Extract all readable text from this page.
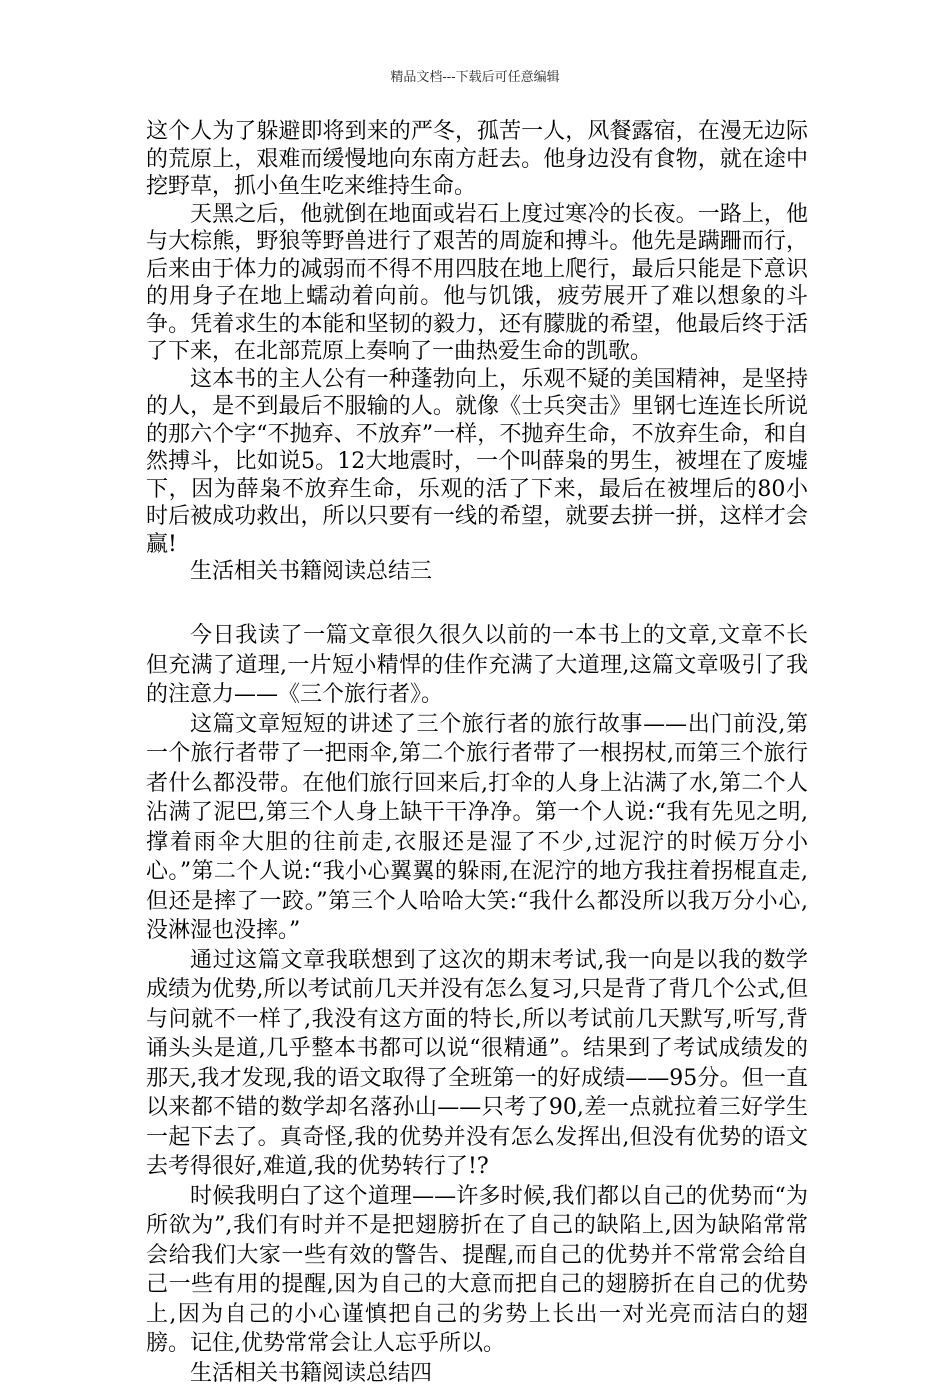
精品文档---下载后可任意编辑

这个人为了躲避即将到来的严冬，孤苦一人，风餐露宿，在漫无边际的荒原上，艰难而缓慢地向东南方赶去。他身边没有食物，就在途中挖野草，抓小鱼生吃来维持生命。

天黑之后，他就倒在地面或岩石上度过寒冷的长夜。一路上，他与大棕熊，野狼等野兽进行了艰苦的周旋和搏斗。他先是蹒跚而行，后来由于体力的减弱而不得不用四肢在地上爬行，最后只能是下意识的用身子在地上蠕动着向前。他与饥饿，疲劳展开了难以想象的斗争。凭着求生的本能和坚韧的毅力，还有朦胧的希望，他最后终于活了下来，在北部荒原上奏响了一曲热爱生命的凯歌。

这本书的主人公有一种蓬勃向上，乐观不疑的美国精神，是坚持的人，是不到最后不服输的人。就像《士兵突击》里钢七连连长所说的那六个字“不抛弃、不放弃”一样，不抛弃生命，不放弃生命，和自然搏斗，比如说5。12大地震时，一个叫薛枭的男生，被埋在了废墟下，因为薛枭不放弃生命，乐观的活了下来，最后在被埋后的80小时后被成功救出，所以只要有一线的希望，就要去拼一拼，这样才会赢!

生活相关书籍阅读总结三

今日我读了一篇文章很久很久以前的一本书上的文章,文章不长但充满了道理,一片短小精悍的佳作充满了大道理,这篇文章吸引了我的注意力——《三个旅行者》。

这篇文章短短的讲述了三个旅行者的旅行故事——出门前没,第一个旅行者带了一把雨伞,第二个旅行者带了一根拐杖,而第三个旅行者什么都没带。在他们旅行回来后,打伞的人身上沾满了水,第二个人沾满了泥巴,第三个人身上缺干干净净。第一个人说:“我有先见之明,撑着雨伞大胆的往前走,衣服还是湿了不少,过泥泞的时候万分小心。”第二个人说:“我小心翼翼的躲雨,在泥泞的地方我拄着拐棍直走,但还是摔了一跤。”第三个人哈哈大笑:“我什么都没所以我万分小心,没淋湿也没摔。”

通过这篇文章我联想到了这次的期末考试,我一向是以我的数学成绩为优势,所以考试前几天并没有怎么复习,只是背了背几个公式,但与问就不一样了,我没有这方面的特长,所以考试前几天默写,听写,背诵头头是道,几乎整本书都可以说“很精通”。结果到了考试成绩发的那天,我才发现,我的语文取得了全班第一的好成绩——95分。但一直以来都不错的数学却名落孙山——只考了90,差一点就拉着三好学生一起下去了。真奇怪,我的优势并没有怎么发挥出,但没有优势的语文去考得很好,难道,我的优势转行了!?

时候我明白了这个道理——许多时候,我们都以自己的优势而“为所欲为”,我们有时并不是把翅膀折在了自己的缺陷上,因为缺陷常常会给我们大家一些有效的警告、提醒,而自己的优势并不常常会给自己一些有用的提醒,因为自己的大意而把自己的翅膀折在自己的优势上,因为自己的小心谨慎把自己的劣势上长出一对光亮而洁白的翅膀。记住,优势常常会让人忘乎所以。

生活相关书籍阅读总结四
